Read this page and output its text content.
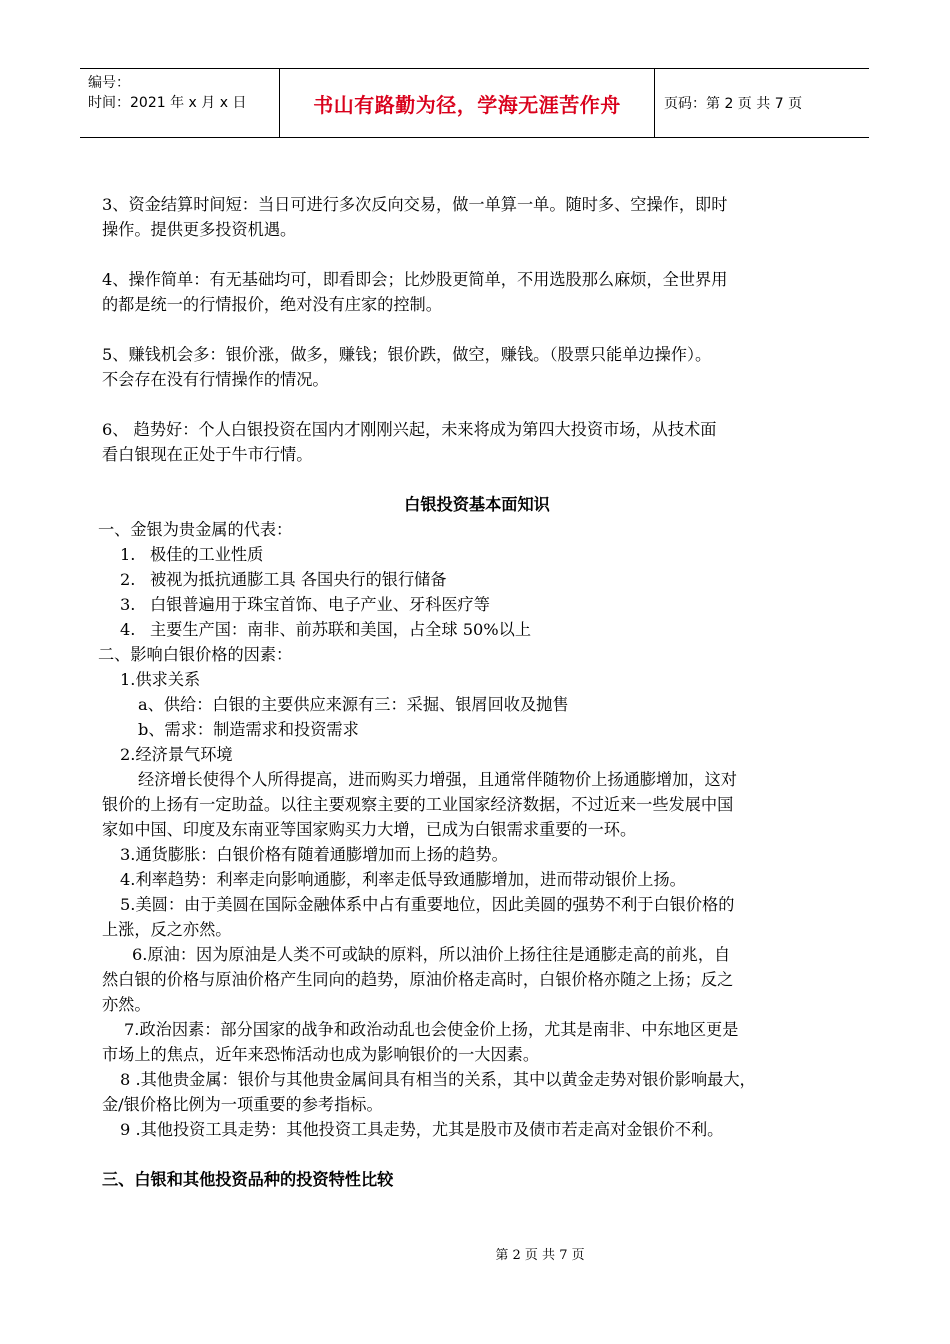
编号：
时间：2021 年 x 月 x 日	书山有路勤为径，学海无涯苦作舟	页码：第 2 页 共 7 页

3、资金结算时间短：当日可进行多次反向交易，做一单算一单。随时多、空操作，即时

操作。提供更多投资机遇。

4、操作简单：有无基础均可，即看即会；比炒股更简单，不用选股那么麻烦，全世界用

的都是统一的行情报价，绝对没有庄家的控制。

5、赚钱机会多：银价涨，做多，赚钱；银价跌，做空，赚钱。（股票只能单边操作）。

不会存在没有行情操作的情况。

6、 趋势好：个人白银投资在国内才刚刚兴起，未来将成为第四大投资市场，从技术面

看白银现在正处于牛市行情。

白银投资基本面知识

一、金银为贵金属的代表：

1. 极佳的工业性质

2. 被视为抵抗通膨工具 各国央行的银行储备

3. 白银普遍用于珠宝首饰、电子产业、牙科医疗等

4. 主要生产国：南非、前苏联和美国，占全球 50%以上

二、影响白银价格的因素：

1.供求关系

a、供给：白银的主要供应来源有三：采掘、银屑回收及抛售

b、需求：制造需求和投资需求

2.经济景气环境

经济增长使得个人所得提高，进而购买力增强，且通常伴随物价上扬通膨增加，这对

银价的上扬有一定助益。以往主要观察主要的工业国家经济数据，不过近来一些发展中国

家如中国、印度及东南亚等国家购买力大增，已成为白银需求重要的一环。

3.通货膨胀：白银价格有随着通膨增加而上扬的趋势。

4.利率趋势：利率走向影响通膨，利率走低导致通膨增加，进而带动银价上扬。

5.美圆：由于美圆在国际金融体系中占有重要地位，因此美圆的强势不利于白银价格的

上涨，反之亦然。

6.原油：因为原油是人类不可或缺的原料，所以油价上扬往往是通膨走高的前兆，自

然白银的价格与原油价格产生同向的趋势，原油价格走高时，白银价格亦随之上扬；反之

亦然。

7.政治因素：部分国家的战争和政治动乱也会使金价上扬，尤其是南非、中东地区更是

市场上的焦点，近年来恐怖活动也成为影响银价的一大因素。

8 .其他贵金属：银价与其他贵金属间具有相当的关系，其中以黄金走势对银价影响最大，

金/银价格比例为一项重要的参考指标。

9 .其他投资工具走势：其他投资工具走势，尤其是股市及债市若走高对金银价不利。

三、白银和其他投资品种的投资特性比较

第 2 页 共 7 页
